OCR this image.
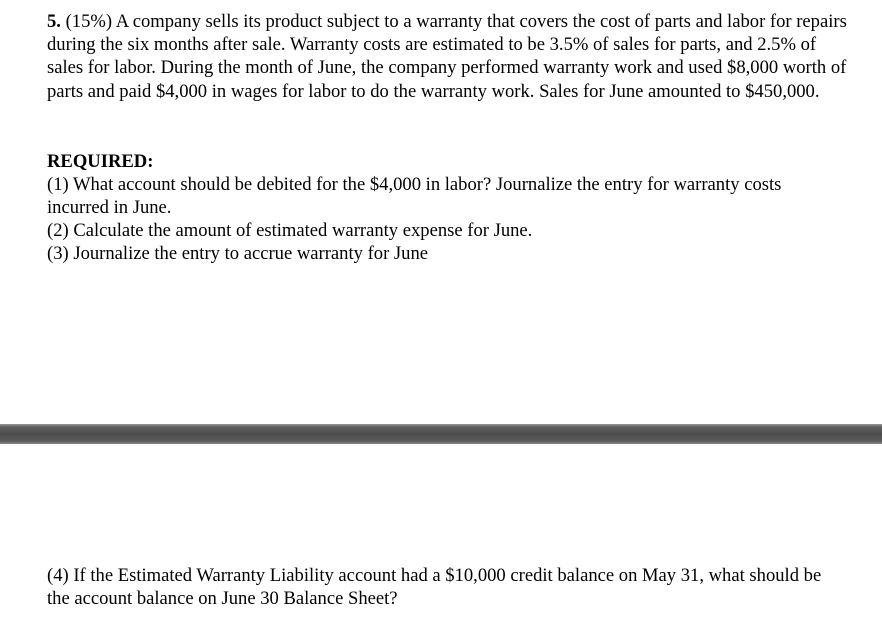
5. (15%) A company sells its product subject to a warranty that covers the cost of parts and labor for repairs during the six months after sale. Warranty costs are estimated to be 3.5% of sales for parts, and 2.5% of sales for labor. During the month of June, the company performed warranty work and used $8,000 worth of parts and paid $4,000 in wages for labor to do the warranty work. Sales for June amounted to $450,000.

REQUIRED:

(1) What account should be debited for the $4,000 in labor? Journalize the entry for warranty costs incurred in June.

(2) Calculate the amount of estimated warranty expense for June.

(3) Journalize the entry to accrue warranty for June

(4) If the Estimated Warranty Liability account had a $10,000 credit balance on May 31, what should be the account balance on June 30 Balance Sheet?
